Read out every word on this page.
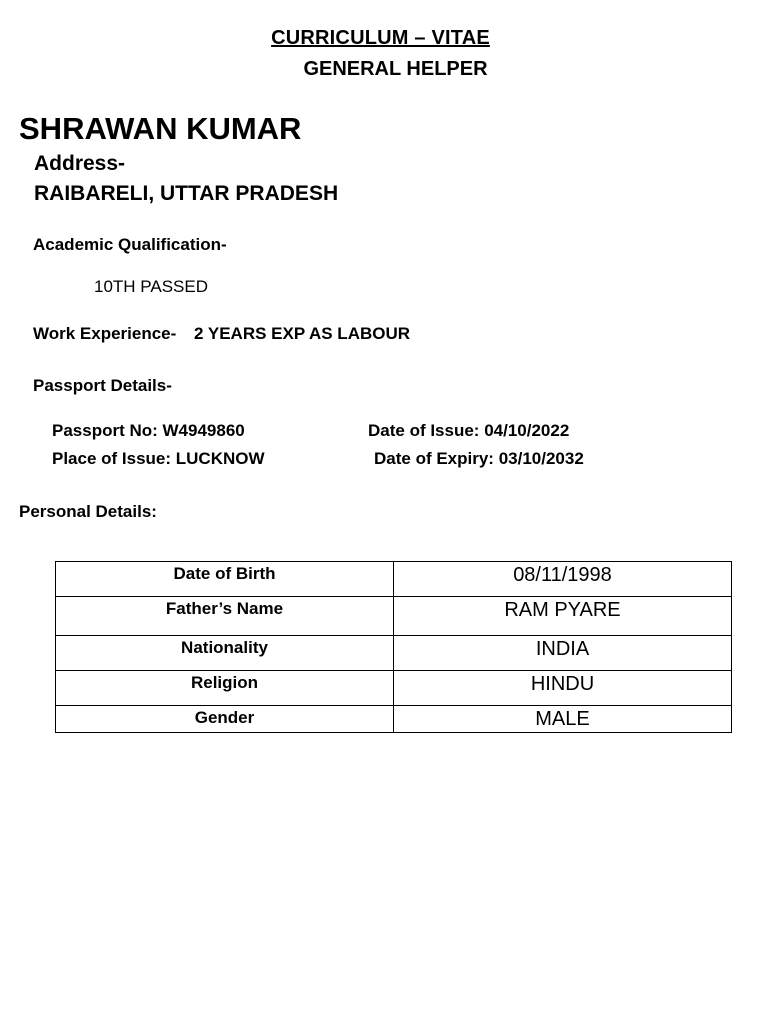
CURRICULUM – VITAE
GENERAL HELPER
SHRAWAN KUMAR
Address-
RAIBARELI, UTTAR PRADESH
Academic Qualification-
10TH PASSED
Work Experience- 2 YEARS EXP AS LABOUR
Passport Details-
Passport No: W4949860	Date of Issue: 04/10/2022
Place of Issue: LUCKNOW	Date of Expiry: 03/10/2032
Personal Details:
Date of Birth	08/11/1998
Father’s Name	RAM PYARE
Nationality	INDIA
Religion	HINDU
Gender	MALE
